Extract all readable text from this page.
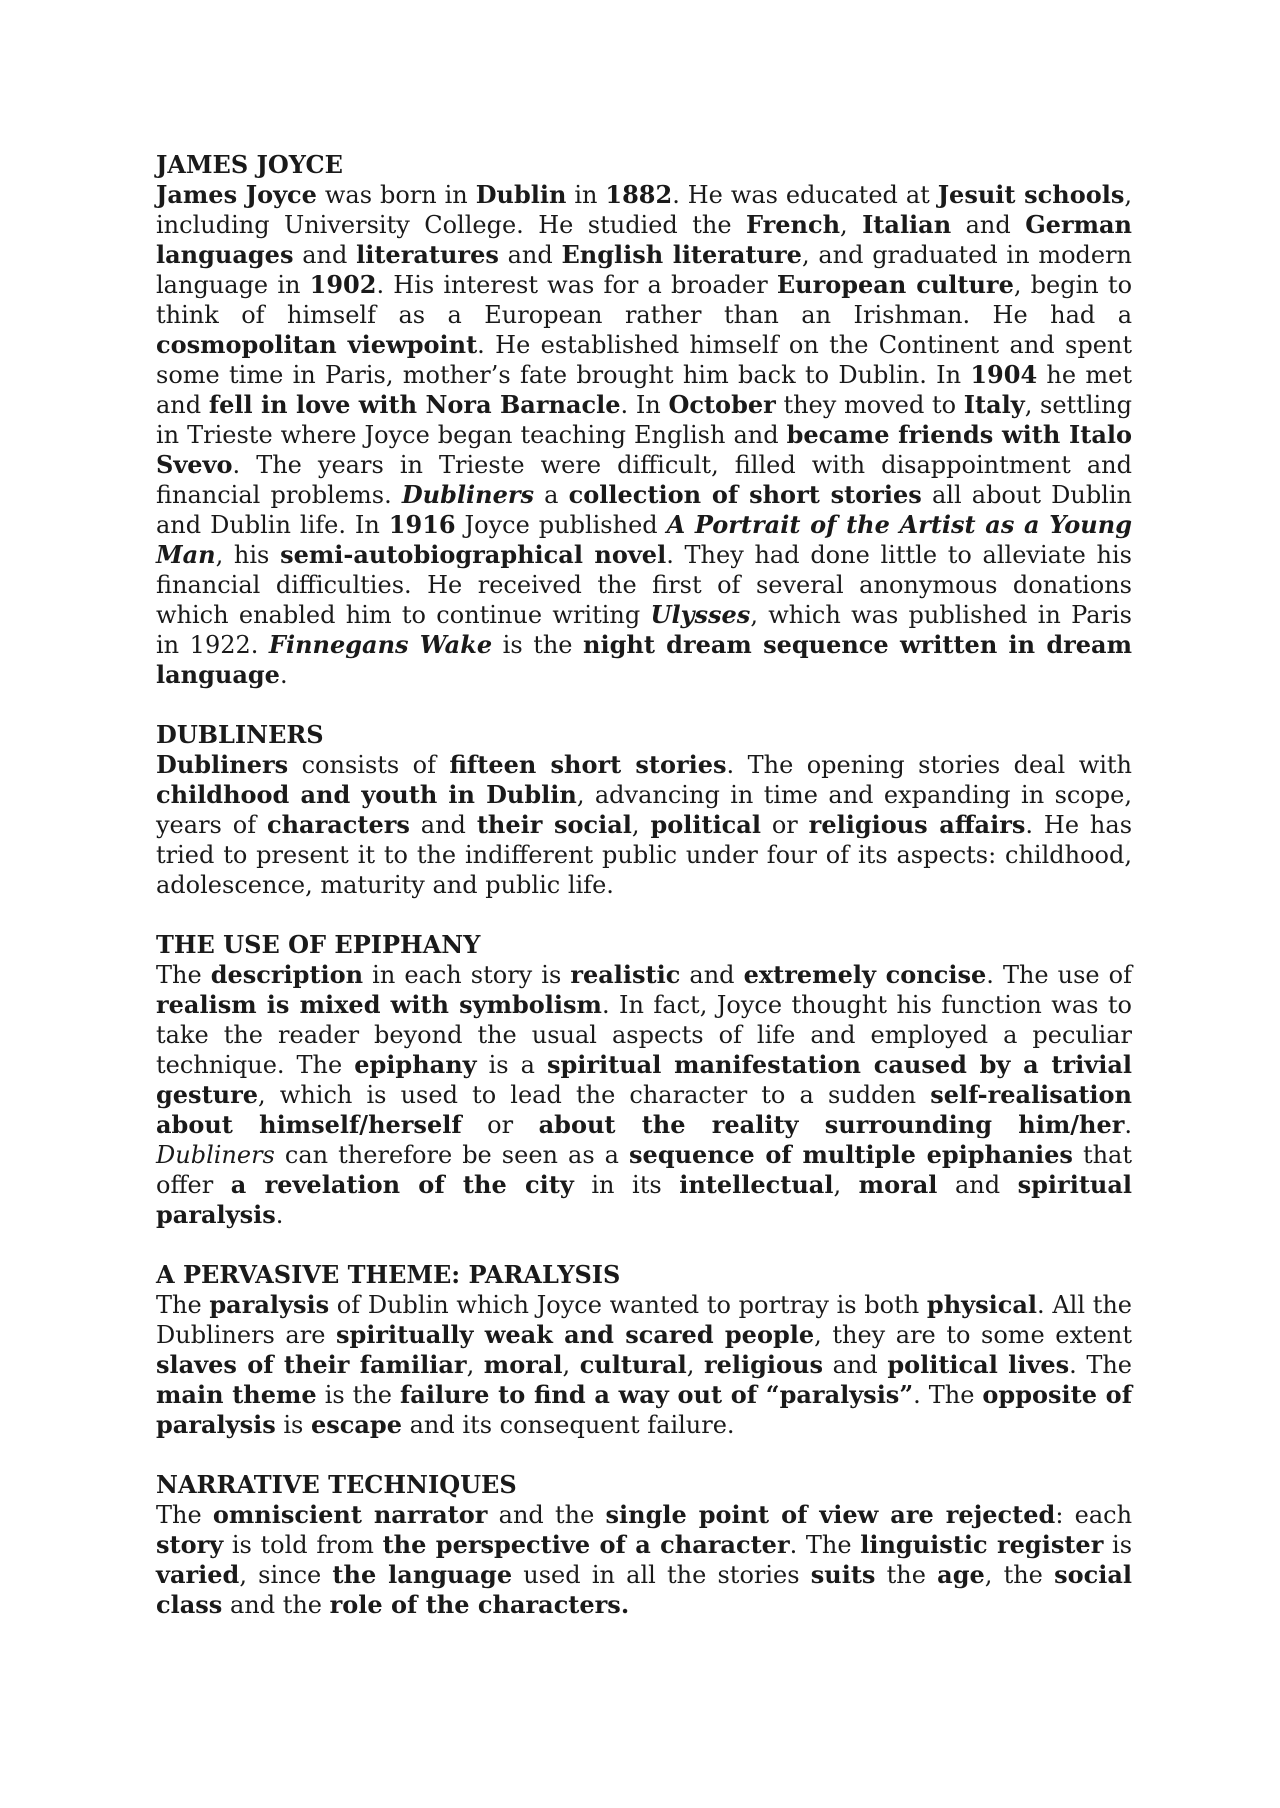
JAMES JOYCE

James Joyce was born in Dublin in 1882. He was educated at Jesuit schools, including University College. He studied the French, Italian and German languages and literatures and English literature, and graduated in modern language in 1902. His interest was for a broader European culture, begin to think of himself as a European rather than an Irishman. He had a cosmopolitan viewpoint. He established himself on the Continent and spent some time in Paris, mother’s fate brought him back to Dublin. In 1904 he met and fell in love with Nora Barnacle. In October they moved to Italy, settling in Trieste where Joyce began teaching English and became friends with Italo Svevo. The years in Trieste were difficult, filled with disappointment and financial problems. Dubliners a collection of short stories all about Dublin and Dublin life. In 1916 Joyce published A Portrait of the Artist as a Young Man, his semi-autobiographical novel. They had done little to alleviate his financial difficulties. He received the first of several anonymous donations which enabled him to continue writing Ulysses, which was published in Paris in 1922. Finnegans Wake is the night dream sequence written in dream language.

DUBLINERS

Dubliners consists of fifteen short stories. The opening stories deal with childhood and youth in Dublin, advancing in time and expanding in scope, years of characters and their social, political or religious affairs. He has tried to present it to the indifferent public under four of its aspects: childhood, adolescence, maturity and public life.

THE USE OF EPIPHANY

The description in each story is realistic and extremely concise. The use of realism is mixed with symbolism. In fact, Joyce thought his function was to take the reader beyond the usual aspects of life and employed a peculiar technique. The epiphany is a spiritual manifestation caused by a trivial gesture, which is used to lead the character to a sudden self-realisation about himself/herself or about the reality surrounding him/her. Dubliners can therefore be seen as a sequence of multiple epiphanies that offer a revelation of the city in its intellectual, moral and spiritual paralysis.

A PERVASIVE THEME: PARALYSIS

The paralysis of Dublin which Joyce wanted to portray is both physical. All the Dubliners are spiritually weak and scared people, they are to some extent slaves of their familiar, moral, cultural, religious and political lives. The main theme is the failure to find a way out of “paralysis”. The opposite of paralysis is escape and its consequent failure.

NARRATIVE TECHNIQUES

The omniscient narrator and the single point of view are rejected: each story is told from the perspective of a character. The linguistic register is varied, since the language used in all the stories suits the age, the social class and the role of the characters.
